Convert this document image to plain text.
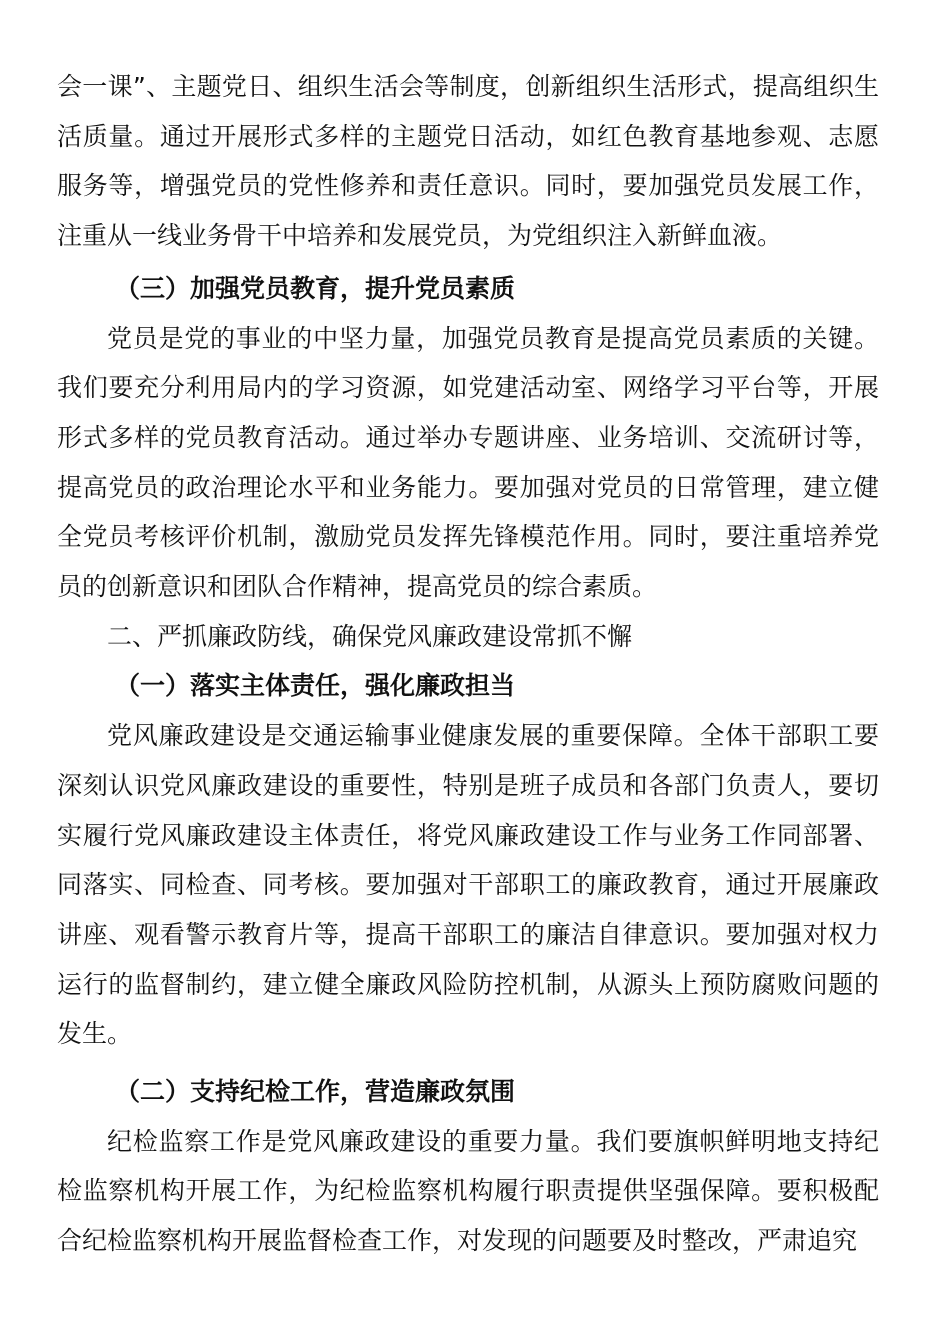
会一课”、主题党日、组织生活会等制度，创新组织生活形式，提高组织生活质量。通过开展形式多样的主题党日活动，如红色教育基地参观、志愿服务等，增强党员的党性修养和责任意识。同时，要加强党员发展工作，注重从一线业务骨干中培养和发展党员，为党组织注入新鲜血液。

（三）加强党员教育，提升党员素质

党员是党的事业的中坚力量，加强党员教育是提高党员素质的关键。我们要充分利用局内的学习资源，如党建活动室、网络学习平台等，开展形式多样的党员教育活动。通过举办专题讲座、业务培训、交流研讨等，提高党员的政治理论水平和业务能力。要加强对党员的日常管理，建立健全党员考核评价机制，激励党员发挥先锋模范作用。同时，要注重培养党员的创新意识和团队合作精神，提高党员的综合素质。

二、严抓廉政防线，确保党风廉政建设常抓不懈

（一）落实主体责任，强化廉政担当

党风廉政建设是交通运输事业健康发展的重要保障。全体干部职工要深刻认识党风廉政建设的重要性，特别是班子成员和各部门负责人，要切实履行党风廉政建设主体责任，将党风廉政建设工作与业务工作同部署、同落实、同检查、同考核。要加强对干部职工的廉政教育，通过开展廉政讲座、观看警示教育片等，提高干部职工的廉洁自律意识。要加强对权力运行的监督制约，建立健全廉政风险防控机制，从源头上预防腐败问题的发生。

（二）支持纪检工作，营造廉政氛围

纪检监察工作是党风廉政建设的重要力量。我们要旗帜鲜明地支持纪检监察机构开展工作，为纪检监察机构履行职责提供坚强保障。要积极配合纪检监察机构开展监督检查工作，对发现的问题要及时整改，严肃追究
